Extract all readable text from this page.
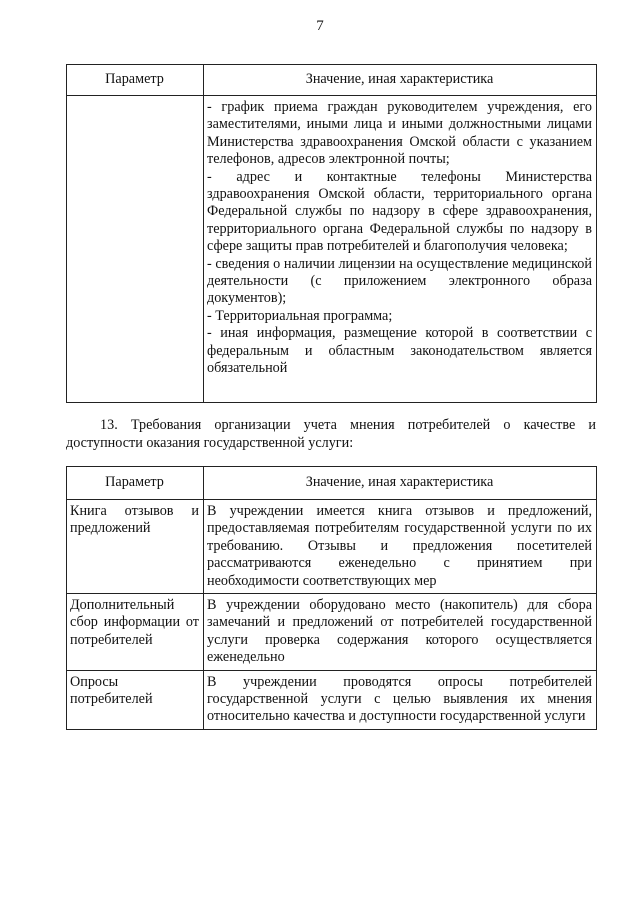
7
Параметр	Значение, иная характеристика

	- график приема граждан руководителем учреждения, его заместителями, иными лица и иными должностными лицами Министерства здравоохранения Омской области с указанием телефонов, адресов электронной почты;

- адрес и контактные телефоны Министерства здравоохранения Омской области, территориального органа Федеральной службы по надзору в сфере здравоохранения, территориального органа Федеральной службы по надзору в сфере защиты прав потребителей и благополучия человека;

- сведения о наличии лицензии на осуществление медицинской деятельности (с приложением электронного образа документов);

- Территориальная программа;

- иная информация, размещение которой в соответствии с федеральным и областным законодательством является обязательной

13. Требования организации учета мнения потребителей о качестве и доступности оказания государственной услуги:
Параметр	Значение, иная характеристика
Книга отзывов и предложений	В учреждении имеется книга отзывов и предложений, предоставляемая потребителям государственной услуги по их требованию. Отзывы и предложения посетителей рассматриваются еженедельно с принятием при необходимости соответствующих мер
Дополнительный сбор информации от потребителей	В учреждении оборудовано место (накопитель) для сбора замечаний и предложений от потребителей государственной услуги проверка содержания которого осуществляется еженедельно
Опросы потребителей	В учреждении проводятся опросы потребителей государственной услуги с целью выявления их мнения относительно качества и доступности государственной услуги
